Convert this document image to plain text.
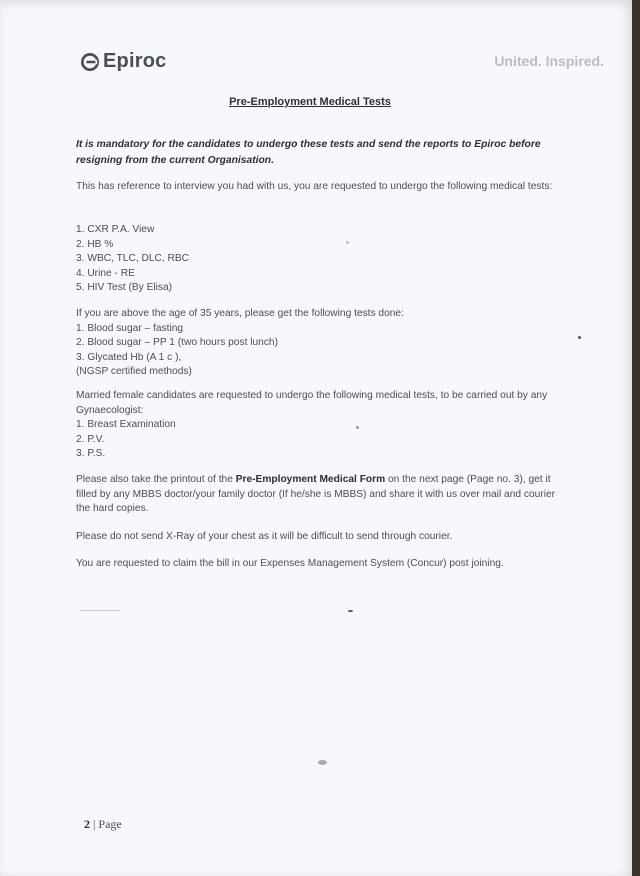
Epiroc	United. Inspired.
Pre-Employment Medical Tests
It is mandatory for the candidates to undergo these tests and send the reports to Epiroc before resigning from the current Organisation.
This has reference to interview you had with us, you are requested to undergo the following medical tests:
1. CXR P.A. View
2. HB %
3. WBC, TLC, DLC, RBC
4. Urine - RE
5. HIV Test (By Elisa)
If you are above the age of 35 years, please get the following tests done:
1. Blood sugar – fasting
2. Blood sugar – PP 1 (two hours post lunch)
3. Glycated Hb (A 1 c ),
(NGSP certified methods)
Married female candidates are requested to undergo the following medical tests, to be carried out by any Gynaecologist:
1. Breast Examination
2. P.V.
3. P.S.
Please also take the printout of the Pre-Employment Medical Form on the next page (Page no. 3), get it filled by any MBBS doctor/your family doctor (If he/she is MBBS) and share it with us over mail and courier the hard copies.
Please do not send X-Ray of your chest as it will be difficult to send through courier.
You are requested to claim the bill in our Expenses Management System (Concur) post joining.
2 | Page
